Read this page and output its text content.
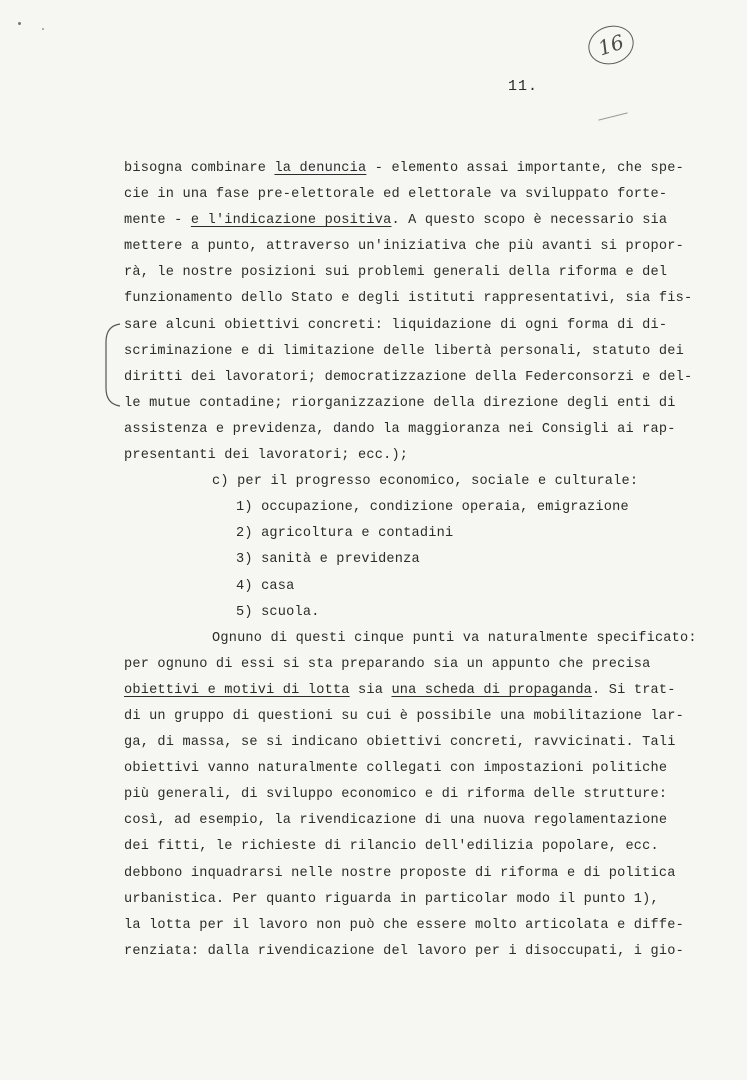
16
11.
bisogna combinare la denuncia - elemento assai importante, che spe-
cie in una fase pre-elettorale ed elettorale va sviluppato forte-
mente - e l'indicazione positiva. A questo scopo è necessario sia
mettere a punto, attraverso un'iniziativa che più avanti si propor-
rà, le nostre posizioni sui problemi generali della riforma e del
funzionamento dello Stato e degli istituti rappresentativi, sia fis-
sare alcuni obiettivi concreti: liquidazione di ogni forma di di-
scriminazione e di limitazione delle libertà personali, statuto dei
diritti dei lavoratori; democratizzazione della Federconsorzi e del-
le mutue contadine; riorganizzazione della direzione degli enti di
assistenza e previdenza, dando la maggioranza nei Consigli ai rap-
presentanti dei lavoratori; ecc.);
c) per il progresso economico, sociale e culturale:
1) occupazione, condizione operaia, emigrazione
2) agricoltura e contadini
3) sanità e previdenza
4) casa
5) scuola.
Ognuno di questi cinque punti va naturalmente specificato:
per ognuno di essi si sta preparando sia un appunto che precisa
obiettivi e motivi di lotta sia una scheda di propaganda. Si trat-
di un gruppo di questioni su cui è possibile una mobilitazione lar-
ga, di massa, se si indicano obiettivi concreti, ravvicinati. Tali
obiettivi vanno naturalmente collegati con impostazioni politiche
più generali, di sviluppo economico e di riforma delle strutture:
così, ad esempio, la rivendicazione di una nuova regolamentazione
dei fitti, le richieste di rilancio dell'edilizia popolare, ecc.
debbono inquadrarsi nelle nostre proposte di riforma e di politica
urbanistica. Per quanto riguarda in particolar modo il punto 1),
la lotta per il lavoro non può che essere molto articolata e diffe-
renziata: dalla rivendicazione del lavoro per i disoccupati, i gio-
